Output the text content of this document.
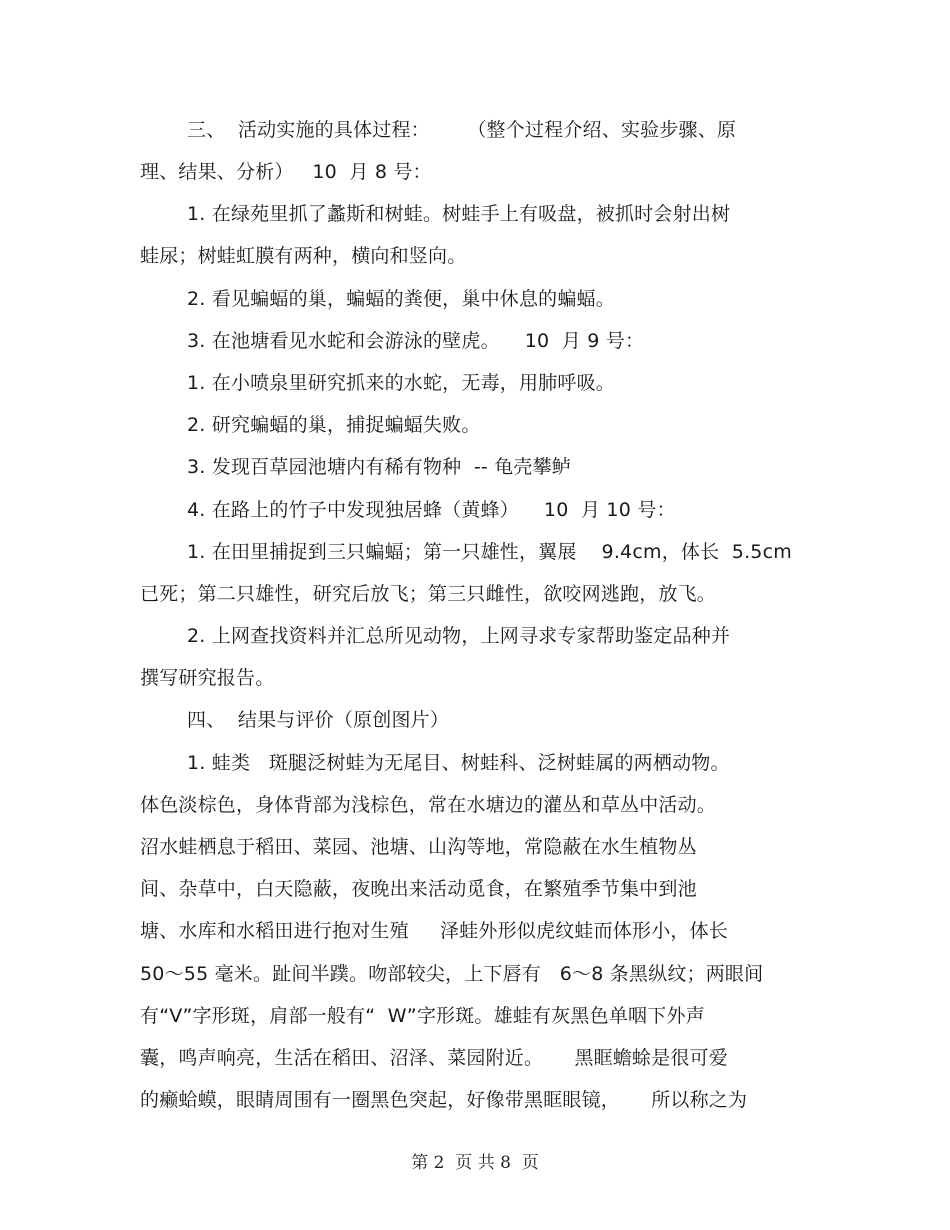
三、  活动实施的具体过程：      （整个过程介绍、实验步骤、原
理、结果、分析）   10  月 8 号：
1. 在绿苑里抓了蠡斯和树蛙。树蛙手上有吸盘，被抓时会射出树
蛙尿；树蛙虹膜有两种，横向和竖向。
2. 看见蝙蝠的巢，蝙蝠的粪便，巢中休息的蝙蝠。
3. 在池塘看见水蛇和会游泳的壁虎。    10  月 9 号：
1. 在小喷泉里研究抓来的水蛇，无毒，用肺呼吸。
2. 研究蝙蝠的巢，捕捉蝙蝠失败。
3. 发现百草园池塘内有稀有物种  -- 龟壳攀鲈
4. 在路上的竹子中发现独居蜂（黄蜂）    10  月 10 号：
1. 在田里捕捉到三只蝙蝠；第一只雄性，翼展    9.4cm，体长  5.5cm
已死；第二只雄性，研究后放飞；第三只雌性，欲咬网逃跑，放飞。
2. 上网查找资料并汇总所见动物，上网寻求专家帮助鉴定品种并
撰写研究报告。
四、  结果与评价（原创图片）
1. 蛙类   斑腿泛树蛙为无尾目、树蛙科、泛树蛙属的两栖动物。
体色淡棕色，身体背部为浅棕色，常在水塘边的灌丛和草丛中活动。
沼水蛙栖息于稻田、菜园、池塘、山沟等地，常隐蔽在水生植物丛
间、杂草中，白天隐蔽，夜晚出来活动觅食，在繁殖季节集中到池
塘、水库和水稻田进行抱对生殖     泽蛙外形似虎纹蛙而体形小，体长
50～55 毫米。趾间半蹼。吻部较尖，上下唇有   6～8 条黑纵纹；两眼间
有“V”字形斑，肩部一般有“  W”字形斑。雄蛙有灰黑色单咽下外声
囊，鸣声响亮，生活在稻田、沼泽、菜园附近。     黑眶蟾蜍是很可爱
的癞蛤蟆，眼睛周围有一圈黑色突起，好像带黑眶眼镜，     所以称之为
第 2  页 共 8  页
